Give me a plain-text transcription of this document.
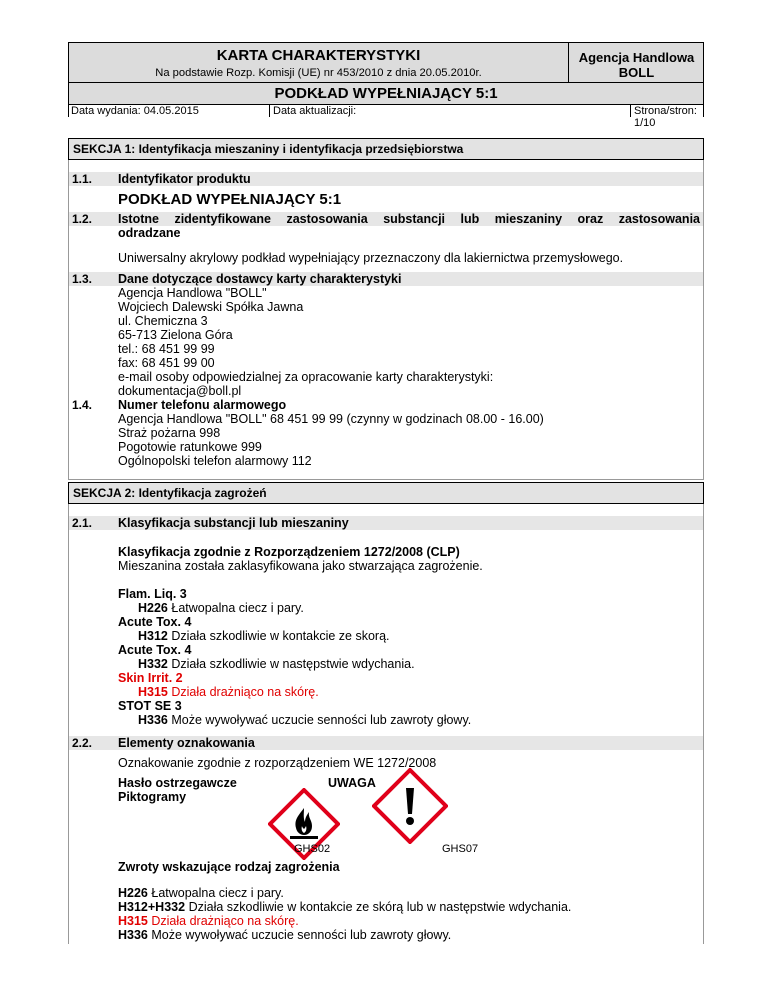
KARTA CHARAKTERYSTYKI
Na podstawie Rozp. Komisji (UE) nr 453/2010 z dnia 20.05.2010r.
Agencja Handlowa BOLL
PODKŁAD WYPEŁNIAJĄCY 5:1
Data wydania: 04.05.2015	Data aktualizacji:	Strona/stron: 1/10
SEKCJA 1: Identyfikacja mieszaniny i identyfikacja przedsiębiorstwa
1.1. Identyfikator produktu
PODKŁAD WYPEŁNIAJĄCY 5:1
1.2. Istotne zidentyfikowane zastosowania substancji lub mieszaniny oraz zastosowania
odradzane
Uniwersalny akrylowy podkład wypełniający przeznaczony dla lakiernictwa przemysłowego.
1.3. Dane dotyczące dostawcy karty charakterystyki
Agencja Handlowa "BOLL"
Wojciech Dalewski Spółka Jawna
ul. Chemiczna 3
65-713 Zielona Góra
tel.: 68 451 99 99
fax: 68 451 99 00
e-mail osoby odpowiedzialnej za opracowanie karty charakterystyki:
dokumentacja@boll.pl
1.4. Numer telefonu alarmowego
Agencja Handlowa "BOLL" 68 451 99 99 (czynny w godzinach 08.00 - 16.00)
Straż pożarna 998
Pogotowie ratunkowe 999
Ogólnopolski telefon alarmowy 112
SEKCJA 2: Identyfikacja zagrożeń
2.1. Klasyfikacja substancji lub mieszaniny
Klasyfikacja zgodnie z Rozporządzeniem 1272/2008 (CLP)
Mieszanina została zaklasyfikowana jako stwarzająca zagrożenie.
Flam. Liq. 3
H226 Łatwopalna ciecz i pary.
Acute Tox. 4
H312 Działa szkodliwie w kontakcie ze skorą.
Acute Tox. 4
H332 Działa szkodliwie w następstwie wdychania.
Skin Irrit. 2
H315 Działa drażniąco na skórę.
STOT SE 3
H336 Może wywoływać uczucie senności lub zawroty głowy.
2.2. Elementy oznakowania
Oznakowanie zgodnie z rozporządzeniem WE 1272/2008
Hasło ostrzegawcze	UWAGA
Piktogramy
GHS02	GHS07
Zwroty wskazujące rodzaj zagrożenia
H226 Łatwopalna ciecz i pary.
H312+H332 Działa szkodliwie w kontakcie ze skórą lub w następstwie wdychania.
H315 Działa drażniąco na skórę.
H336 Może wywoływać uczucie senności lub zawroty głowy.
